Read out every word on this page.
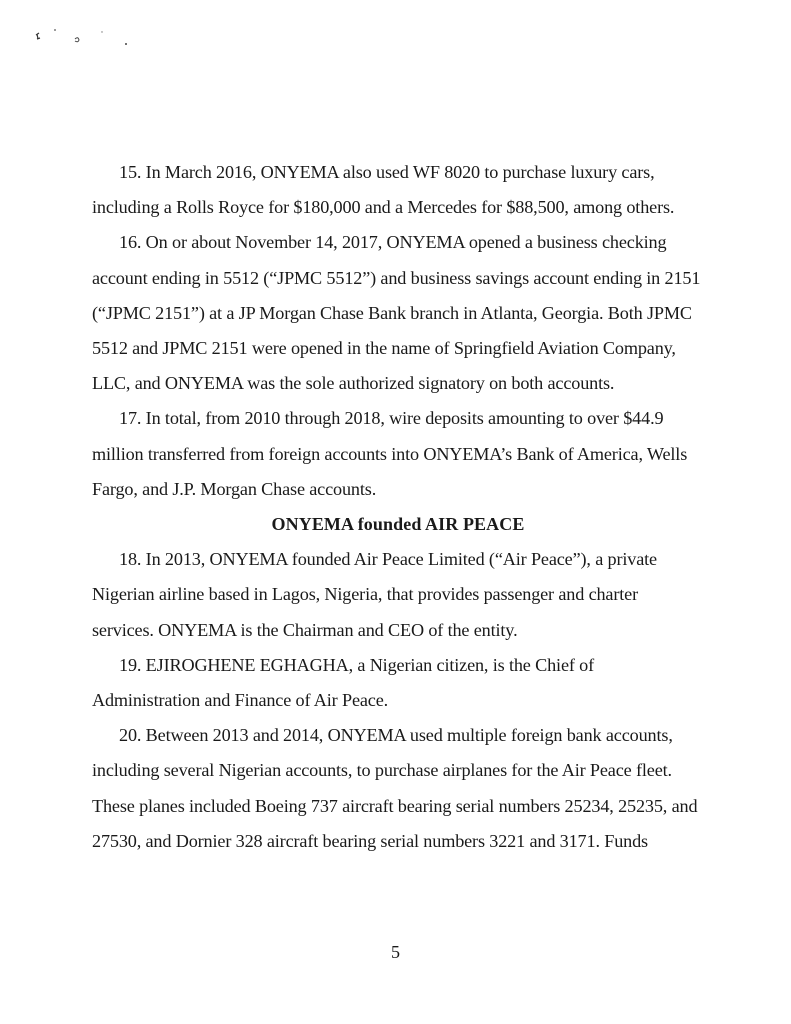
15. In March 2016, ONYEMA also used WF 8020 to purchase luxury cars, including a Rolls Royce for $180,000 and a Mercedes for $88,500, among others.

16. On or about November 14, 2017, ONYEMA opened a business checking account ending in 5512 (“JPMC 5512”) and business savings account ending in 2151 (“JPMC 2151”) at a JP Morgan Chase Bank branch in Atlanta, Georgia. Both JPMC 5512 and JPMC 2151 were opened in the name of Springfield Aviation Company, LLC, and ONYEMA was the sole authorized signatory on both accounts.

17. In total, from 2010 through 2018, wire deposits amounting to over $44.9 million transferred from foreign accounts into ONYEMA’s Bank of America, Wells Fargo, and J.P. Morgan Chase accounts.

ONYEMA founded AIR PEACE

18. In 2013, ONYEMA founded Air Peace Limited (“Air Peace”), a private Nigerian airline based in Lagos, Nigeria, that provides passenger and charter services. ONYEMA is the Chairman and CEO of the entity.

19. EJIROGHENE EGHAGHA, a Nigerian citizen, is the Chief of Administration and Finance of Air Peace.

20. Between 2013 and 2014, ONYEMA used multiple foreign bank accounts, including several Nigerian accounts, to purchase airplanes for the Air Peace fleet. These planes included Boeing 737 aircraft bearing serial numbers 25234, 25235, and 27530, and Dornier 328 aircraft bearing serial numbers 3221 and 3171. Funds

5
